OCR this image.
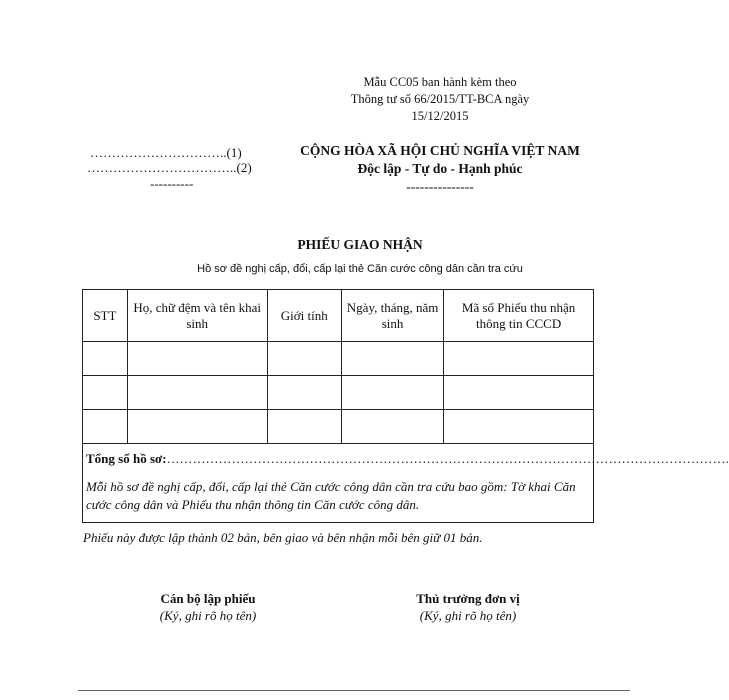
Mẫu CC05 ban hành kèm theo
Thông tư số 66/2015/TT-BCA ngày
15/12/2015
…………………………..(1)
……………………………..(2)
----------
CỘNG HÒA XÃ HỘI CHỦ NGHĨA VIỆT NAM
Độc lập - Tự do - Hạnh phúc
---------------
PHIẾU GIAO NHẬN
Hồ sơ đề nghị cấp, đổi, cấp lại thẻ Căn cước công dân cần tra cứu
STT	Họ, chữ đệm và tên khai sinh	Giới tính	Ngày, tháng, năm sinh	Mã số Phiếu thu nhận thông tin CCCD

Tổng số hồ sơ:………………………………………………………………………………………………………………….
Mỗi hồ sơ đề nghị cấp, đổi, cấp lại thẻ Căn cước công dân cần tra cứu bao gồm: Tờ khai Căn cước công dân và Phiếu thu nhận thông tin Căn cước công dân.
Phiếu này được lập thành 02 bản, bên giao và bên nhận mỗi bên giữ 01 bản.
Cán bộ lập phiếu
(Ký, ghi rõ họ tên)
Thủ trưởng đơn vị
(Ký, ghi rõ họ tên)
